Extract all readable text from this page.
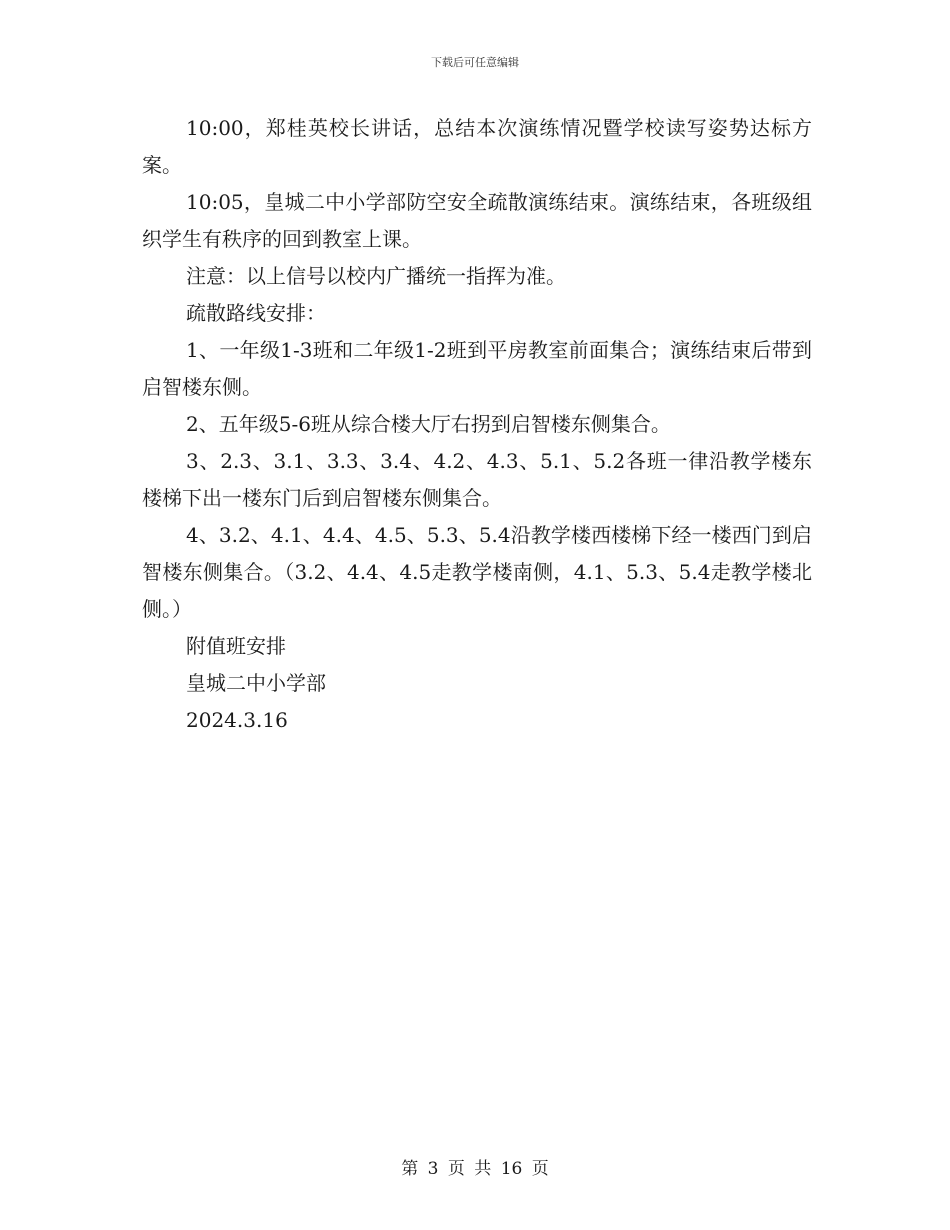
下载后可任意编辑

10:00，郑桂英校长讲话，总结本次演练情况暨学校读写姿势达标方案。

10:05，皇城二中小学部防空安全疏散演练结束。演练结束，各班级组织学生有秩序的回到教室上课。

注意：以上信号以校内广播统一指挥为准。

疏散路线安排：

1、一年级1-3班和二年级1-2班到平房教室前面集合；演练结束后带到启智楼东侧。

2、五年级5-6班从综合楼大厅右拐到启智楼东侧集合。

3、2.3、3.1、3.3、3.4、4.2、4.3、5.1、5.2各班一律沿教学楼东楼梯下出一楼东门后到启智楼东侧集合。

4、3.2、4.1、4.4、4.5、5.3、5.4沿教学楼西楼梯下经一楼西门到启智楼东侧集合。（3.2、4.4、4.5走教学楼南侧，4.1、5.3、5.4走教学楼北侧。）

附值班安排

皇城二中小学部

2024.3.16

第 3 页 共 16 页
